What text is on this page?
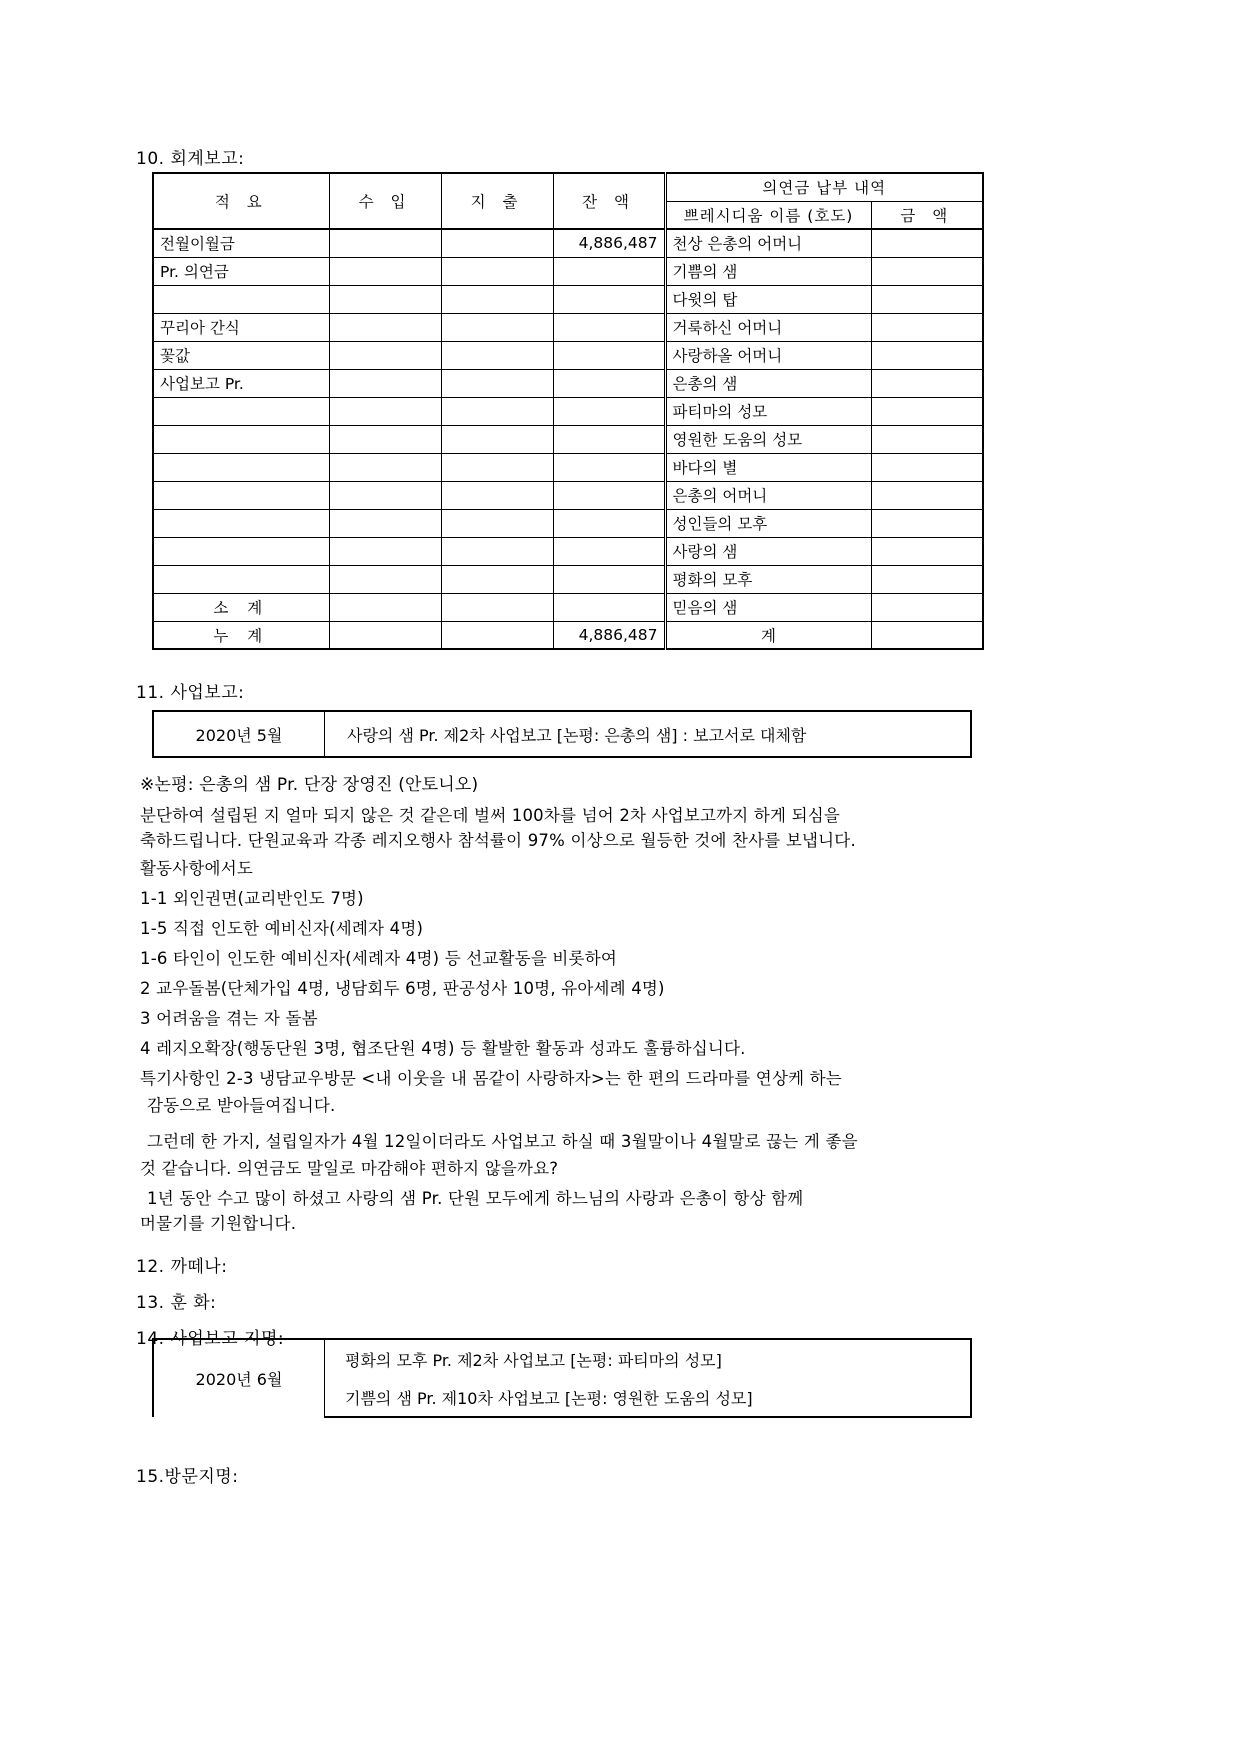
10. 회계보고:
적 요	수 입	지 출	잔 액	의연금 납부 내역	
				쁘레시디움 이름 (호도)	금 액
전월이월금			4,886,487	천상 은총의 어머니	
Pr. 의연금				기쁨의 샘	
				다윗의 탑	
꾸리아 간식				거룩하신 어머니	
꽃값				사랑하올 어머니	
사업보고 Pr.				은총의 샘	
				파티마의 성모	
				영원한 도움의 성모	
				바다의 별	
				은총의 어머니	
				성인들의 모후	
				사랑의 샘	
				평화의 모후	
소 계				믿음의 샘	
누 계			4,886,487	계	
11. 사업보고:
2020년 5월	사랑의 샘 Pr. 제2차 사업보고 [논평: 은총의 샘] : 보고서로 대체함
※논평: 은총의 샘 Pr. 단장 장영진 (안토니오)
분단하여 설립된 지 얼마 되지 않은 것 같은데 벌써 100차를 넘어 2차 사업보고까지 하게 되심을
축하드립니다. 단원교육과 각종 레지오행사 참석률이 97% 이상으로 월등한 것에 찬사를 보냅니다.
활동사항에서도
1-1 외인권면(교리반인도 7명)
1-5 직접 인도한 예비신자(세례자 4명)
1-6 타인이 인도한 예비신자(세례자 4명) 등 선교활동을 비롯하여
2 교우돌봄(단체가입 4명, 냉담회두 6명, 판공성사 10명, 유아세례 4명)
3 어려움을 겪는 자 돌봄
4 레지오확장(행동단원 3명, 협조단원 4명) 등 활발한 활동과 성과도 훌륭하십니다.
특기사항인 2-3 냉담교우방문 <내 이웃을 내 몸같이 사랑하자>는 한 편의 드라마를 연상케 하는
감동으로 받아들여집니다.
그런데 한 가지, 설립일자가 4월 12일이더라도 사업보고 하실 때 3월말이나 4월말로 끊는 게 좋을
것 같습니다. 의연금도 말일로 마감해야 편하지 않을까요?
1년 동안 수고 많이 하셨고 사랑의 샘 Pr. 단원 모두에게 하느님의 사랑과 은총이 항상 함께
머물기를 기원합니다.
12. 까떼나:
13. 훈 화:
14. 사업보고 지명:
2020년 6월	평화의 모후 Pr. 제2차 사업보고 [논평: 파티마의 성모]
기쁨의 샘 Pr. 제10차 사업보고 [논평: 영원한 도움의 성모]
15.방문지명:
